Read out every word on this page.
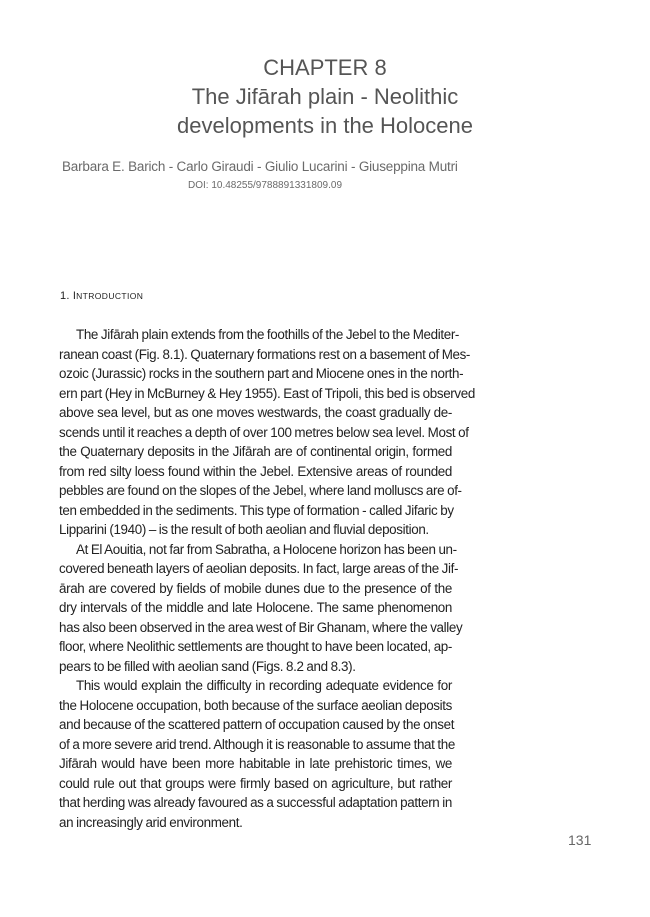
CHAPTER 8
The Jifārah plain - Neolithic
developments in the Holocene
Barbara E. Barich - Carlo Giraudi - Giulio Lucarini - Giuseppina Mutri
DOI: 10.48255/9788891331809.09
1. INTRODUCTION
The Jifārah plain extends from the foothills of the Jebel to the Mediter-
ranean coast (Fig. 8.1). Quaternary formations rest on a basement of Mes-
ozoic (Jurassic) rocks in the southern part and Miocene ones in the north-
ern part (Hey in McBurney & Hey 1955). East of Tripoli, this bed is observed
above sea level, but as one moves westwards, the coast gradually de-
scends until it reaches a depth of over 100 metres below sea level. Most of
the Quaternary deposits in the Jifārah are of continental origin, formed
from red silty loess found within the Jebel. Extensive areas of rounded
pebbles are found on the slopes of the Jebel, where land molluscs are of-
ten embedded in the sediments. This type of formation - called Jifaric by
Lipparini (1940) – is the result of both aeolian and fluvial deposition.
At El Aouitia, not far from Sabratha, a Holocene horizon has been un-
covered beneath layers of aeolian deposits. In fact, large areas of the Jif-
ārah are covered by fields of mobile dunes due to the presence of the
dry intervals of the middle and late Holocene. The same phenomenon
has also been observed in the area west of Bir Ghanam, where the valley
floor, where Neolithic settlements are thought to have been located, ap-
pears to be filled with aeolian sand (Figs. 8.2 and 8.3).
This would explain the difficulty in recording adequate evidence for
the Holocene occupation, both because of the surface aeolian deposits
and because of the scattered pattern of occupation caused by the onset
of a more severe arid trend. Although it is reasonable to assume that the
Jifārah would have been more habitable in late prehistoric times, we
could rule out that groups were firmly based on agriculture, but rather
that herding was already favoured as a successful adaptation pattern in
an increasingly arid environment.
131
